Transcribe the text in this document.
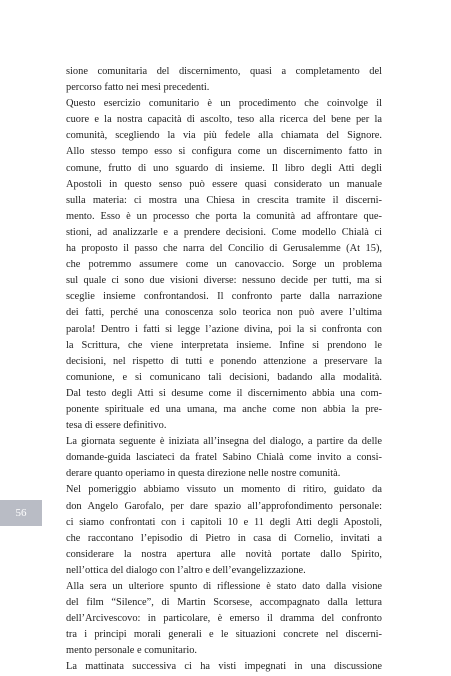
sione comunitaria del discernimento, quasi a completamento del
percorso fatto nei mesi precedenti.
Questo esercizio comunitario è un procedimento che coinvolge il
cuore e la nostra capacità di ascolto, teso alla ricerca del bene per la
comunità, scegliendo la via più fedele alla chiamata del Signore.
Allo stesso tempo esso si configura come un discernimento fatto in
comune, frutto di uno sguardo di insieme. Il libro degli Atti degli
Apostoli in questo senso può essere quasi considerato un manuale
sulla materia: ci mostra una Chiesa in crescita tramite il discerni-
mento. Esso è un processo che porta la comunità ad affrontare que-
stioni, ad analizzarle e a prendere decisioni. Come modello Chialà ci
ha proposto il passo che narra del Concilio di Gerusalemme (At 15),
che potremmo assumere come un canovaccio. Sorge un problema
sul quale ci sono due visioni diverse: nessuno decide per tutti, ma si
sceglie insieme confrontandosi. Il confronto parte dalla narrazione
dei fatti, perché una conoscenza solo teorica non può avere l’ultima
parola! Dentro i fatti si legge l’azione divina, poi la si confronta con
la Scrittura, che viene interpretata insieme. Infine si prendono le
decisioni, nel rispetto di tutti e ponendo attenzione a preservare la
comunione, e si comunicano tali decisioni, badando alla modalità.
Dal testo degli Atti si desume come il discernimento abbia una com-
ponente spirituale ed una umana, ma anche come non abbia la pre-
tesa di essere definitivo.
La giornata seguente è iniziata all’insegna del dialogo, a partire da delle
domande-guida lasciateci da fratel Sabino Chialà come invito a consi-
derare quanto operiamo in questa direzione nelle nostre comunità.
Nel pomeriggio abbiamo vissuto un momento di ritiro, guidato da
don Angelo Garofalo, per dare spazio all’approfondimento personale:
ci siamo confrontati con i capitoli 10 e 11 degli Atti degli Apostoli,
che raccontano l’episodio di Pietro in casa di Cornelio, invitati a
considerare la nostra apertura alle novità portate dallo Spirito,
nell’ottica del dialogo con l’altro e dell’evangelizzazione.
Alla sera un ulteriore spunto di riflessione è stato dato dalla visione
del film “Silence”, di Martin Scorsese, accompagnato dalla lettura
dell’Arcivescovo: in particolare, è emerso il dramma del confronto
tra i principi morali generali e le situazioni concrete nel discerni-
mento personale e comunitario.
La mattinata successiva ci ha visti impegnati in una discussione
56
